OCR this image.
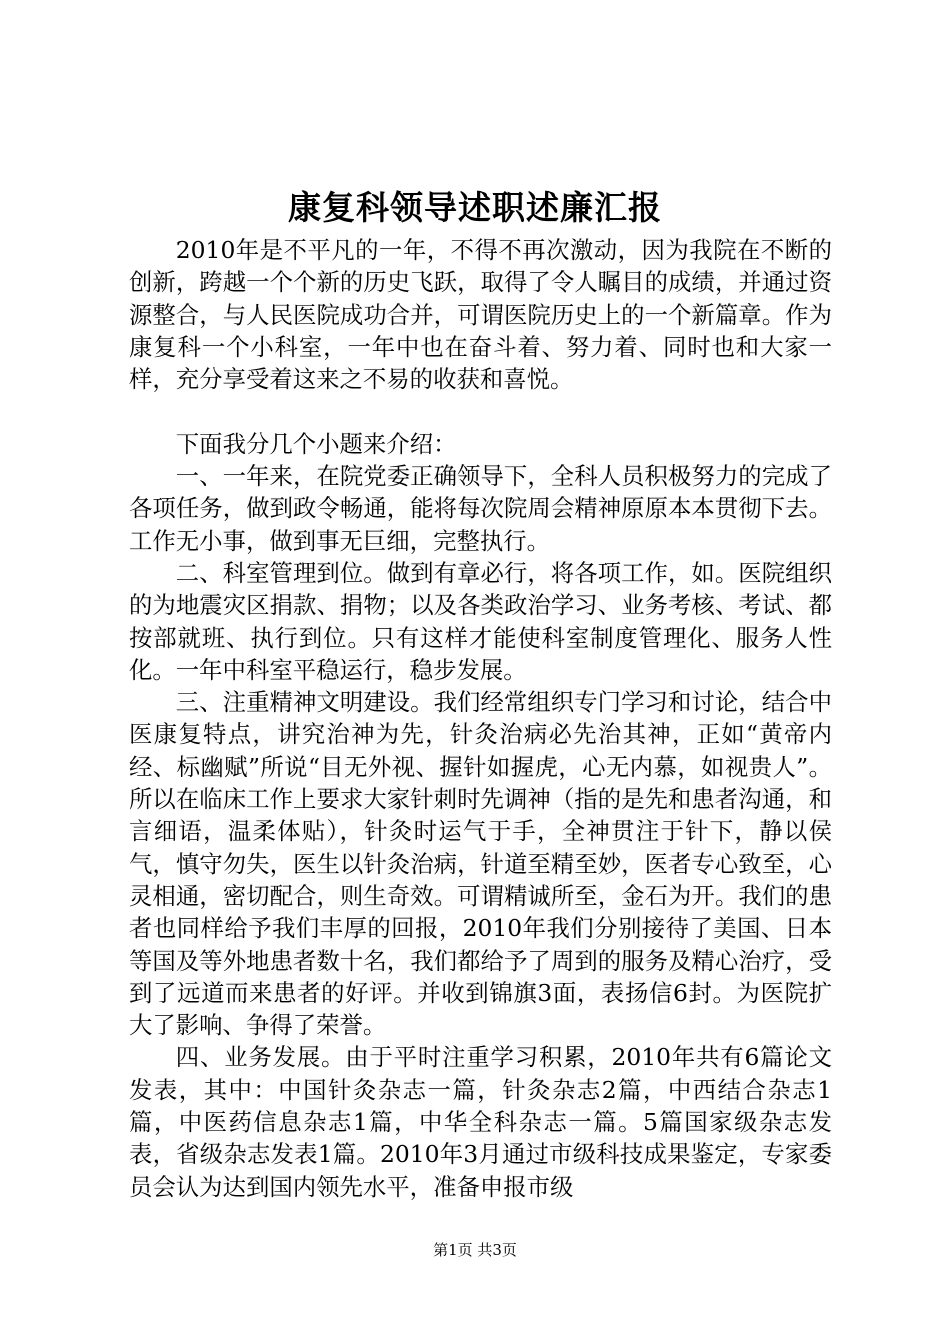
康复科领导述职述廉汇报

2010年是不平凡的一年，不得不再次激动，因为我院在不断的创新，跨越一个个新的历史飞跃，取得了令人瞩目的成绩，并通过资源整合，与人民医院成功合并，可谓医院历史上的一个新篇章。作为康复科一个小科室，一年中也在奋斗着、努力着、同时也和大家一样，充分享受着这来之不易的收获和喜悦。

下面我分几个小题来介绍：

一、一年来，在院党委正确领导下，全科人员积极努力的完成了各项任务，做到政令畅通，能将每次院周会精神原原本本贯彻下去。工作无小事，做到事无巨细，完整执行。

二、科室管理到位。做到有章必行，将各项工作，如。医院组织的为地震灾区捐款、捐物；以及各类政治学习、业务考核、考试、都按部就班、执行到位。只有这样才能使科室制度管理化、服务人性化。一年中科室平稳运行，稳步发展。

三、注重精神文明建设。我们经常组织专门学习和讨论，结合中医康复特点，讲究治神为先，针灸治病必先治其神，正如“黄帝内经、标幽赋”所说“目无外视、握针如握虎，心无内慕，如视贵人”。所以在临床工作上要求大家针刺时先调神（指的是先和患者沟通，和言细语，温柔体贴），针灸时运气于手，全神贯注于针下，静以侯气，慎守勿失，医生以针灸治病，针道至精至妙，医者专心致至，心灵相通，密切配合，则生奇效。可谓精诚所至，金石为开。我们的患者也同样给予我们丰厚的回报，2010年我们分别接待了美国、日本等国及等外地患者数十名，我们都给予了周到的服务及精心治疗，受到了远道而来患者的好评。并收到锦旗3面，表扬信6封。为医院扩大了影响、争得了荣誉。

四、业务发展。由于平时注重学习积累，2010年共有6篇论文发表，其中：中国针灸杂志一篇，针灸杂志2篇，中西结合杂志1篇，中医药信息杂志1篇，中华全科杂志一篇。5篇国家级杂志发表，省级杂志发表1篇。2010年3月通过市级科技成果鉴定，专家委员会认为达到国内领先水平，准备申报市级

第1页 共3页
